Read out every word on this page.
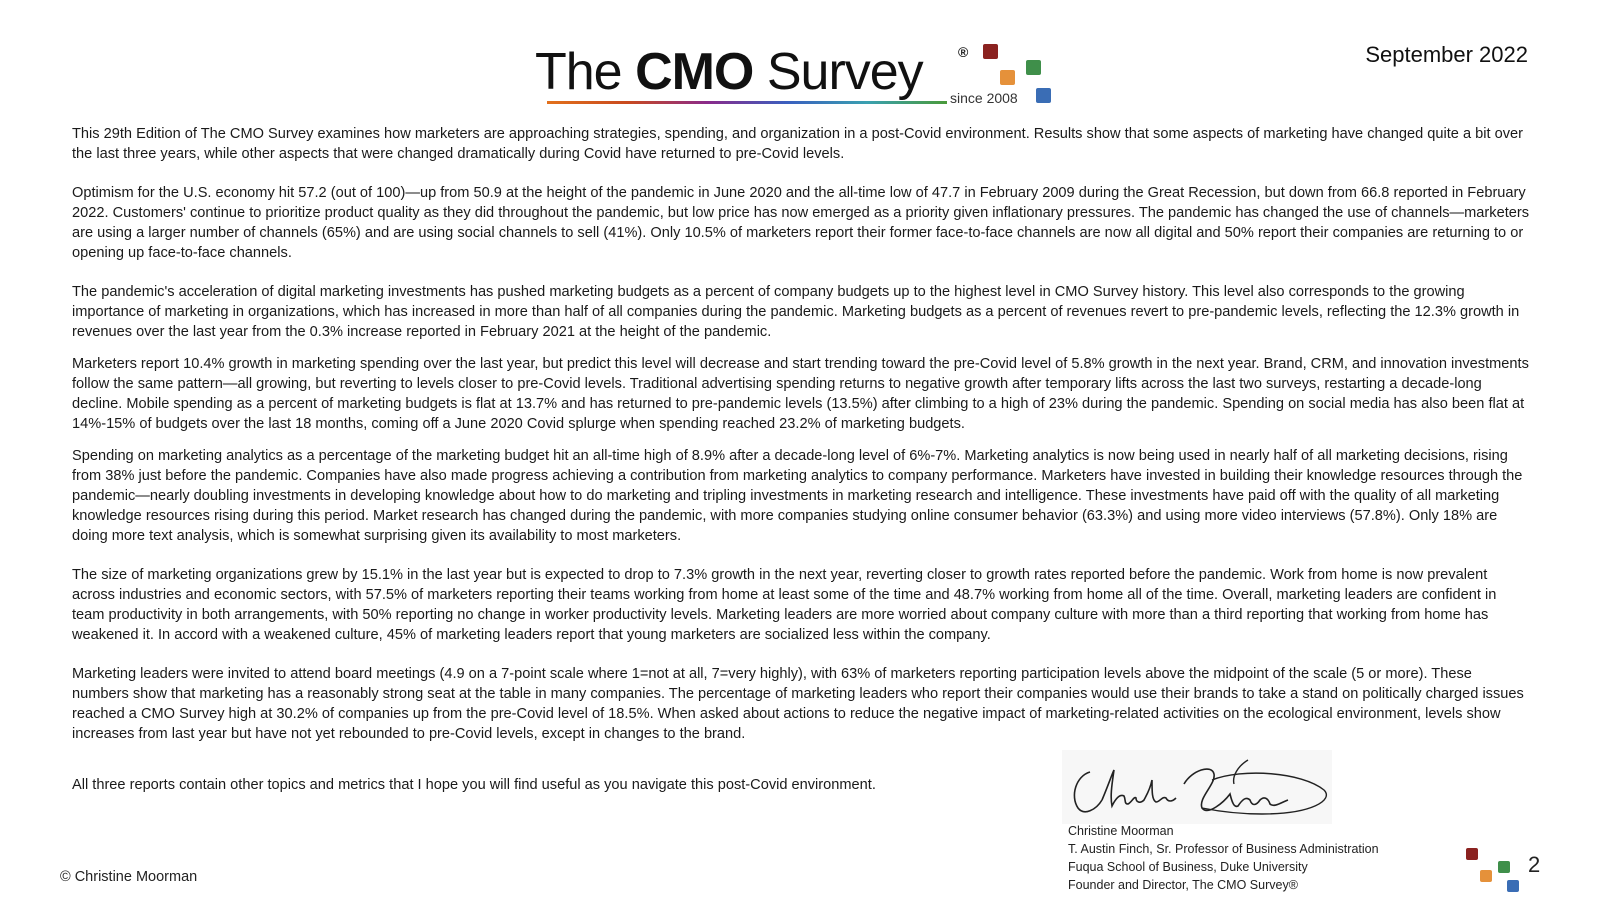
The CMO Survey	®
since 2008
September 2022

This 29th Edition of The CMO Survey examines how marketers are approaching strategies, spending, and organization in a post-Covid environment. Results show that some aspects of marketing have changed quite a bit over the last three years, while other aspects that were changed dramatically during Covid have returned to pre-Covid levels.

Optimism for the U.S. economy hit 57.2 (out of 100)—up from 50.9 at the height of the pandemic in June 2020 and the all-time low of 47.7 in February 2009 during the Great Recession, but down from 66.8 reported in February 2022. Customers' continue to prioritize product quality as they did throughout the pandemic, but low price has now emerged as a priority given inflationary pressures. The pandemic has changed the use of channels—marketers are using a larger number of channels (65%) and are using social channels to sell (41%). Only 10.5% of marketers report their former face-to-face channels are now all digital and 50% report their companies are returning to or opening up face-to-face channels.

The pandemic's acceleration of digital marketing investments has pushed marketing budgets as a percent of company budgets up to the highest level in CMO Survey history. This level also corresponds to the growing importance of marketing in organizations, which has increased in more than half of all companies during the pandemic. Marketing budgets as a percent of revenues revert to pre-pandemic levels, reflecting the 12.3% growth in revenues over the last year from the 0.3% increase reported in February 2021 at the height of the pandemic.

Marketers report 10.4% growth in marketing spending over the last year, but predict this level will decrease and start trending toward the pre-Covid level of 5.8% growth in the next year. Brand, CRM, and innovation investments follow the same pattern—all growing, but reverting to levels closer to pre-Covid levels. Traditional advertising spending returns to negative growth after temporary lifts across the last two surveys, restarting a decade-long decline. Mobile spending as a percent of marketing budgets is flat at 13.7% and has returned to pre-pandemic levels (13.5%) after climbing to a high of 23% during the pandemic. Spending on social media has also been flat at 14%-15% of budgets over the last 18 months, coming off a June 2020 Covid splurge when spending reached 23.2% of marketing budgets.

Spending on marketing analytics as a percentage of the marketing budget hit an all-time high of 8.9% after a decade-long level of 6%-7%. Marketing analytics is now being used in nearly half of all marketing decisions, rising from 38% just before the pandemic. Companies have also made progress achieving a contribution from marketing analytics to company performance. Marketers have invested in building their knowledge resources through the pandemic—nearly doubling investments in developing knowledge about how to do marketing and tripling investments in marketing research and intelligence. These investments have paid off with the quality of all marketing knowledge resources rising during this period. Market research has changed during the pandemic, with more companies studying online consumer behavior (63.3%) and using more video interviews (57.8%). Only 18% are doing more text analysis, which is somewhat surprising given its availability to most marketers.

The size of marketing organizations grew by 15.1% in the last year but is expected to drop to 7.3% growth in the next year, reverting closer to growth rates reported before the pandemic. Work from home is now prevalent across industries and economic sectors, with 57.5% of marketers reporting their teams working from home at least some of the time and 48.7% working from home all of the time. Overall, marketing leaders are confident in team productivity in both arrangements, with 50% reporting no change in worker productivity levels. Marketing leaders are more worried about company culture with more than a third reporting that working from home has weakened it. In accord with a weakened culture, 45% of marketing leaders report that young marketers are socialized less within the company.

Marketing leaders were invited to attend board meetings (4.9 on a 7-point scale where 1=not at all, 7=very highly), with 63% of marketers reporting participation levels above the midpoint of the scale (5 or more). These numbers show that marketing has a reasonably strong seat at the table in many companies. The percentage of marketing leaders who report their companies would use their brands to take a stand on politically charged issues reached a CMO Survey high at 30.2% of companies up from the pre-Covid level of 18.5%. When asked about actions to reduce the negative impact of marketing-related activities on the ecological environment, levels show increases from last year but have not yet rebounded to pre-Covid levels, except in changes to the brand.

All three reports contain other topics and metrics that I hope you will find useful as you navigate this post-Covid environment.
Christine Moorman
T. Austin Finch, Sr. Professor of Business Administration
Fuqua School of Business, Duke University
Founder and Director, The CMO Survey®
© Christine Moorman	2
